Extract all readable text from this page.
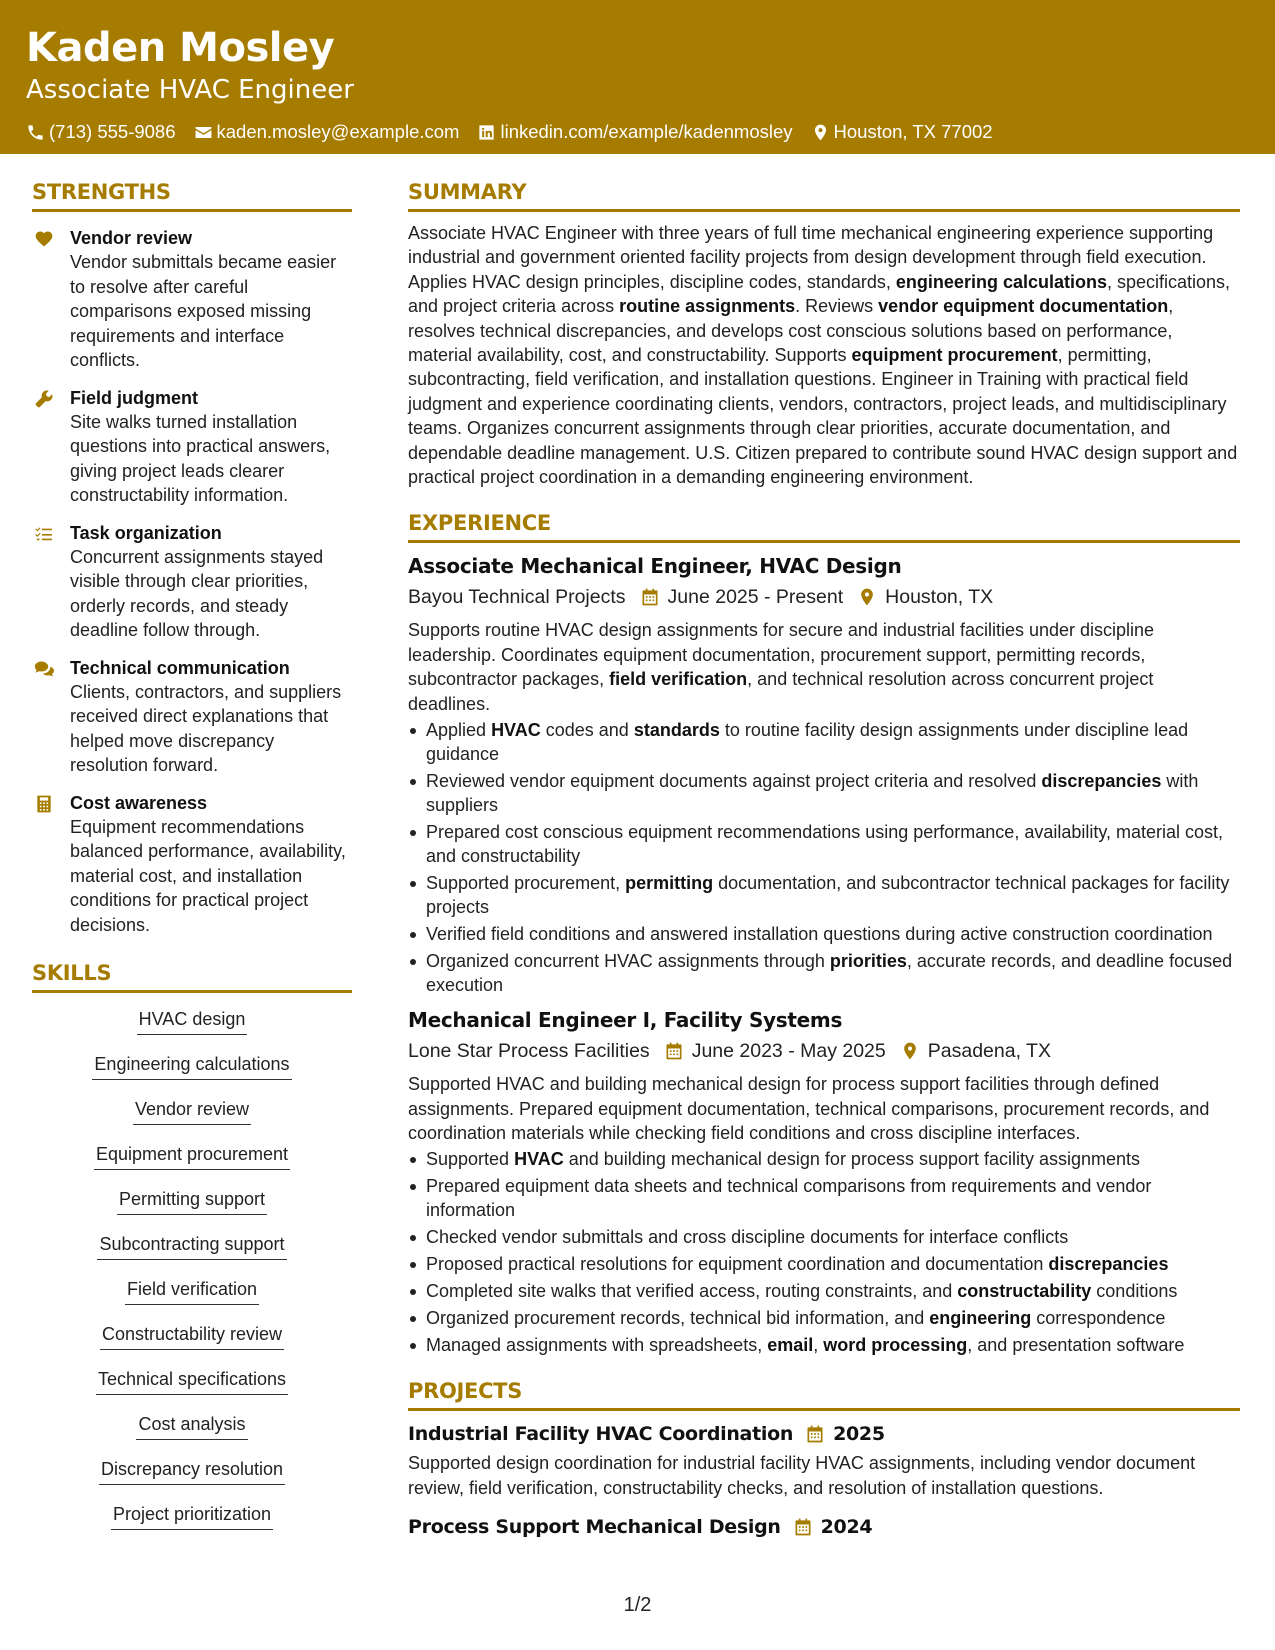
Kaden Mosley
Associate HVAC Engineer
(713) 555-9086 kaden.mosley@example.com linkedin.com/example/kadenmosley Houston, TX 77002
STRENGTHS
Vendor review
Vendor submittals became easier to resolve after careful comparisons exposed missing requirements and interface conflicts.
Field judgment
Site walks turned installation questions into practical answers, giving project leads clearer constructability information.
Task organization
Concurrent assignments stayed visible through clear priorities, orderly records, and steady deadline follow through.
Technical communication
Clients, contractors, and suppliers received direct explanations that helped move discrepancy resolution forward.
Cost awareness
Equipment recommendations balanced performance, availability, material cost, and installation conditions for practical project decisions.
SKILLS
HVAC design
Engineering calculations
Vendor review
Equipment procurement
Permitting support
Subcontracting support
Field verification
Constructability review
Technical specifications
Cost analysis
Discrepancy resolution
Project prioritization
SUMMARY
Associate HVAC Engineer with three years of full time mechanical engineering experience supporting industrial and government oriented facility projects from design development through field execution. Applies HVAC design principles, discipline codes, standards, engineering calculations, specifications, and project criteria across routine assignments. Reviews vendor equipment documentation, resolves technical discrepancies, and develops cost conscious solutions based on performance, material availability, cost, and constructability. Supports equipment procurement, permitting, subcontracting, field verification, and installation questions. Engineer in Training with practical field judgment and experience coordinating clients, vendors, contractors, project leads, and multidisciplinary teams. Organizes concurrent assignments through clear priorities, accurate documentation, and dependable deadline management. U.S. Citizen prepared to contribute sound HVAC design support and practical project coordination in a demanding engineering environment.
EXPERIENCE
Associate Mechanical Engineer, HVAC Design
Bayou Technical Projects June 2025 - Present Houston, TX
Supports routine HVAC design assignments for secure and industrial facilities under discipline leadership. Coordinates equipment documentation, procurement support, permitting records, subcontractor packages, field verification, and technical resolution across concurrent project deadlines.
Applied HVAC codes and standards to routine facility design assignments under discipline lead guidance
Reviewed vendor equipment documents against project criteria and resolved discrepancies with suppliers
Prepared cost conscious equipment recommendations using performance, availability, material cost, and constructability
Supported procurement, permitting documentation, and subcontractor technical packages for facility projects
Verified field conditions and answered installation questions during active construction coordination
Organized concurrent HVAC assignments through priorities, accurate records, and deadline focused execution
Mechanical Engineer I, Facility Systems
Lone Star Process Facilities June 2023 - May 2025 Pasadena, TX
Supported HVAC and building mechanical design for process support facilities through defined assignments. Prepared equipment documentation, technical comparisons, procurement records, and coordination materials while checking field conditions and cross discipline interfaces.
Supported HVAC and building mechanical design for process support facility assignments
Prepared equipment data sheets and technical comparisons from requirements and vendor information
Checked vendor submittals and cross discipline documents for interface conflicts
Proposed practical resolutions for equipment coordination and documentation discrepancies
Completed site walks that verified access, routing constraints, and constructability conditions
Organized procurement records, technical bid information, and engineering correspondence
Managed assignments with spreadsheets, email, word processing, and presentation software
PROJECTS
Industrial Facility HVAC Coordination 2025
Supported design coordination for industrial facility HVAC assignments, including vendor document review, field verification, constructability checks, and resolution of installation questions.
Process Support Mechanical Design 2024
1/2
